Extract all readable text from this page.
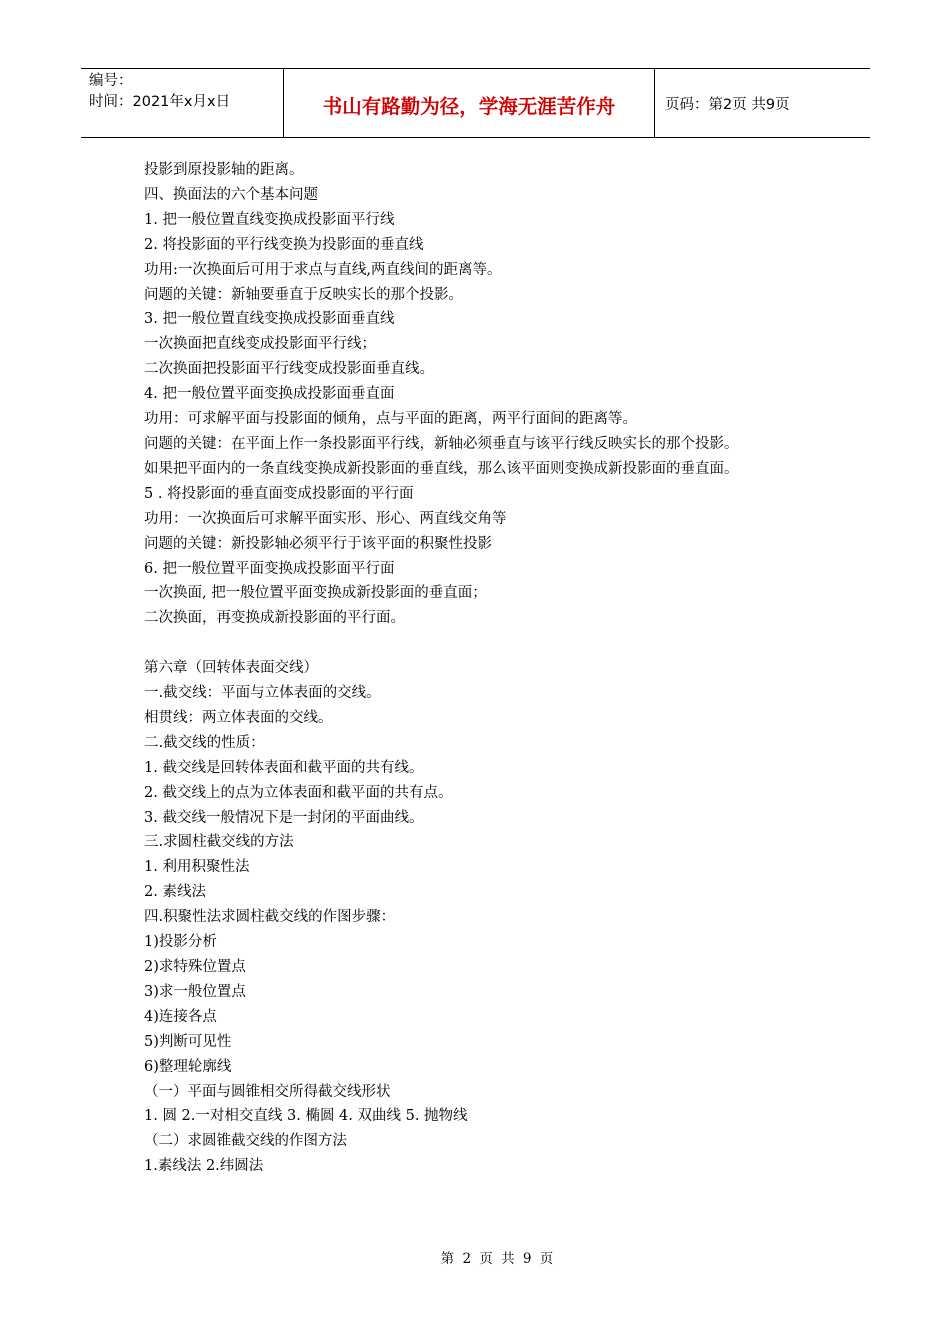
编号：
时间：2021年x月x日	书山有路勤为径，学海无涯苦作舟	页码：第2页 共9页

投影到原投影轴的距离。

四、换面法的六个基本问题

1. 把一般位置直线变换成投影面平行线

2. 将投影面的平行线变换为投影面的垂直线

功用:一次换面后可用于求点与直线,两直线间的距离等。

问题的关键：新轴要垂直于反映实长的那个投影。

3. 把一般位置直线变换成投影面垂直线

一次换面把直线变成投影面平行线；

二次换面把投影面平行线变成投影面垂直线。

4. 把一般位置平面变换成投影面垂直面

功用：可求解平面与投影面的倾角，点与平面的距离，两平行面间的距离等。

问题的关键：在平面上作一条投影面平行线，新轴必须垂直与该平行线反映实长的那个投影。

如果把平面内的一条直线变换成新投影面的垂直线，那么该平面则变换成新投影面的垂直面。

5 . 将投影面的垂直面变成投影面的平行面

功用：一次换面后可求解平面实形、形心、两直线交角等

问题的关键：新投影轴必须平行于该平面的积聚性投影

6. 把一般位置平面变换成投影面平行面

一次换面, 把一般位置平面变换成新投影面的垂直面；

二次换面，再变换成新投影面的平行面。

第六章（回转体表面交线）

一.截交线：平面与立体表面的交线。

相贯线：两立体表面的交线。

二.截交线的性质：

1. 截交线是回转体表面和截平面的共有线。

2. 截交线上的点为立体表面和截平面的共有点。

3. 截交线一般情况下是一封闭的平面曲线。

三.求圆柱截交线的方法

1. 利用积聚性法

2. 素线法

四.积聚性法求圆柱截交线的作图步骤：

1)投影分析

2)求特殊位置点

3)求一般位置点

4)连接各点

5)判断可见性

6)整理轮廓线

（一）平面与圆锥相交所得截交线形状

1. 圆 2.一对相交直线 3. 椭圆 4. 双曲线 5. 抛物线

（二）求圆锥截交线的作图方法

1.素线法 2.纬圆法

第 2 页 共 9 页
